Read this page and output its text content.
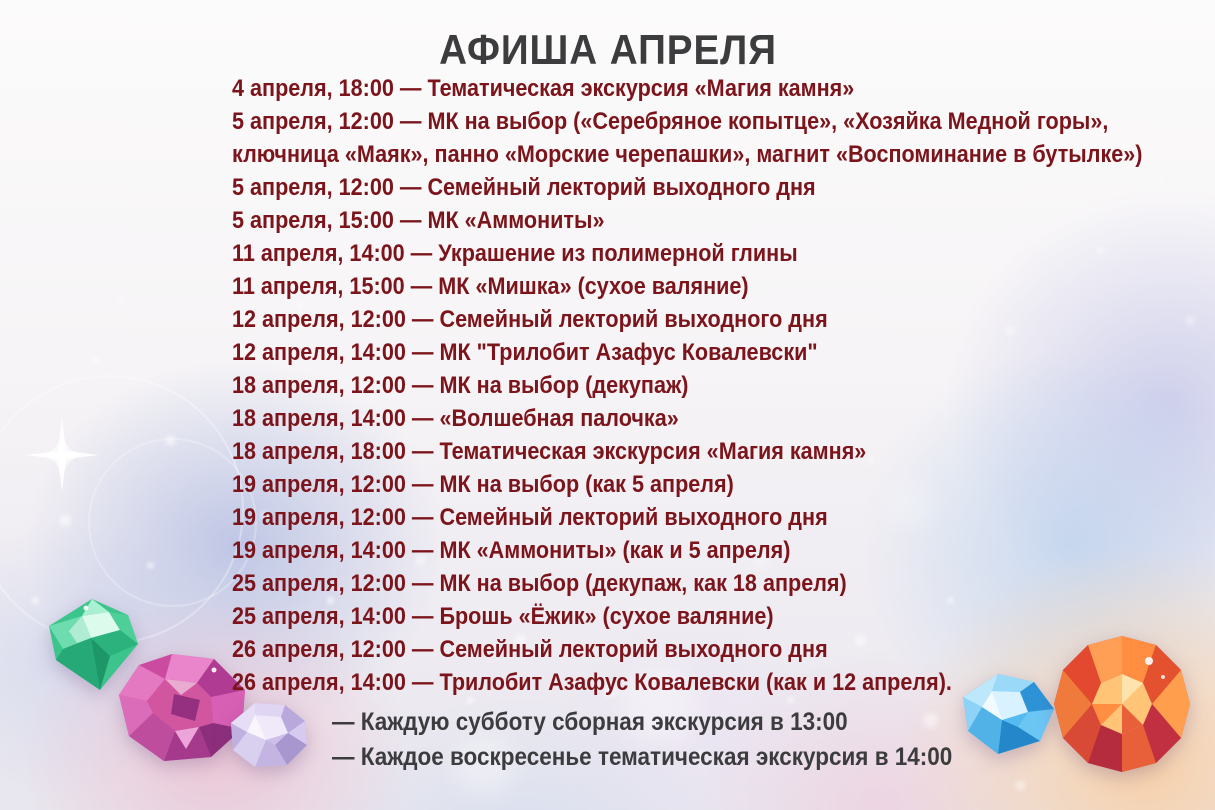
АФИША АПРЕЛЯ
4 апреля, 18:00 — Тематическая экскурсия «Магия камня»
5 апреля, 12:00 — МК на выбор («Серебряное копытце», «Хозяйка Медной горы»,
ключница «Маяк», панно «Морские черепашки», магнит «Воспоминание в бутылке»)
5 апреля, 12:00 — Семейный лекторий выходного дня
5 апреля, 15:00 — МК «Аммониты»
11 апреля, 14:00 — Украшение из полимерной глины
11 апреля, 15:00 — МК «Мишка» (сухое валяние)
12 апреля, 12:00 — Семейный лекторий выходного дня
12 апреля, 14:00 — МК "Трилобит Азафус Ковалевски"
18 апреля, 12:00 — МК на выбор (декупаж)
18 апреля, 14:00 — «Волшебная палочка»
18 апреля, 18:00 — Тематическая экскурсия «Магия камня»
19 апреля, 12:00 — МК на выбор (как 5 апреля)
19 апреля, 12:00 — Семейный лекторий выходного дня
19 апреля, 14:00 — МК «Аммониты» (как и 5 апреля)
25 апреля, 12:00 — МК на выбор (декупаж, как 18 апреля)
25 апреля, 14:00 — Брошь «Ёжик» (сухое валяние)
26 апреля, 12:00 — Семейный лекторий выходного дня
26 апреля, 14:00 — Трилобит Азафус Ковалевски (как и 12 апреля).
— Каждую субботу сборная экскурсия в 13:00
— Каждое воскресенье тематическая экскурсия в 14:00
